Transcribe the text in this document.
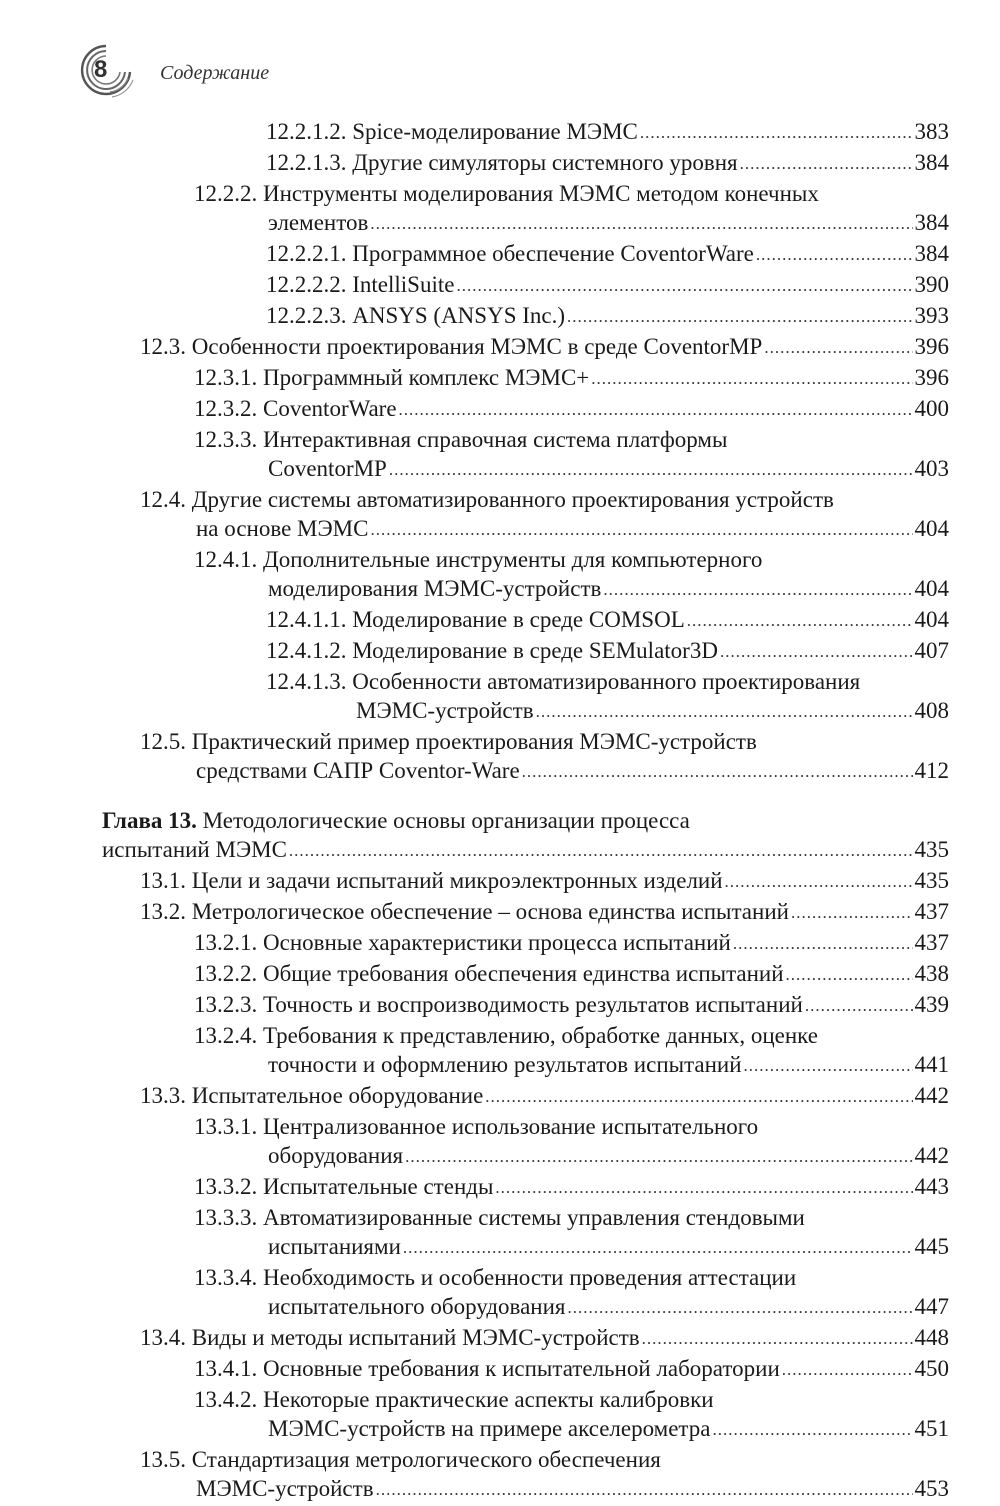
8	Содержание
12.2.1.2. Spice-моделирование МЭМС .....	383
12.2.1.3. Другие симуляторы системного уровня .....	384
12.2.2. Инструменты моделирования МЭМС методом конечных
элементов .....	384
12.2.2.1. Программное обеспечение CoventorWare .....	384
12.2.2.2. IntelliSuite .....	390
12.2.2.3. ANSYS (ANSYS Inc.) .....	393
12.3. Особенности проектирования МЭМС в среде CoventorMP .....	396
12.3.1. Программный комплекс МЭМС+ .....	396
12.3.2. CoventorWare .....	400
12.3.3. Интерактивная справочная система платформы
CoventorMP .....	403
12.4. Другие системы автоматизированного проектирования устройств
на основе МЭМС .....	404
12.4.1. Дополнительные инструменты для компьютерного
моделирования МЭМС-устройств .....	404
12.4.1.1. Моделирование в среде COMSOL .....	404
12.4.1.2. Моделирование в среде SEMulator3D .....	407
12.4.1.3. Особенности автоматизированного проектирования
МЭМС-устройств .....	408
12.5. Практический пример проектирования МЭМС-устройств
средствами САПР Coventor-Ware .....	412
Глава 13. Методологические основы организации процесса
испытаний МЭМС .....	435
13.1. Цели и задачи испытаний микроэлектронных изделий .....	435
13.2. Метрологическое обеспечение – основа единства испытаний .....	437
13.2.1. Основные характеристики процесса испытаний .....	437
13.2.2. Общие требования обеспечения единства испытаний .....	438
13.2.3. Точность и воспроизводимость результатов испытаний .....	439
13.2.4. Требования к представлению, обработке данных, оценке
точности и оформлению результатов испытаний .....	441
13.3. Испытательное оборудование .....	442
13.3.1. Централизованное использование испытательного
оборудования .....	442
13.3.2. Испытательные стенды .....	443
13.3.3. Автоматизированные системы управления стендовыми
испытаниями .....	445
13.3.4. Необходимость и особенности проведения аттестации
испытательного оборудования .....	447
13.4. Виды и методы испытаний МЭМС-устройств .....	448
13.4.1. Основные требования к испытательной лаборатории .....	450
13.4.2. Некоторые практические аспекты калибровки
МЭМС-устройств на примере акселерометра .....	451
13.5. Стандартизация метрологического обеспечения
МЭМС-устройств .....	453
